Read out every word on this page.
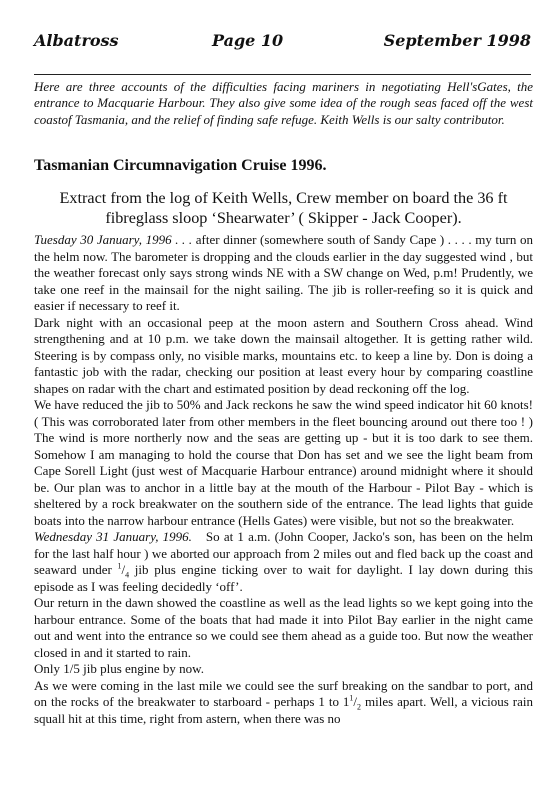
Albatross	Page 10	September 1998
Here are three accounts of the difficulties facing mariners in negotiating Hell'sGates, the entrance to Macquarie Harbour. They also give some idea of the rough seas faced off the west coastof Tasmania, and the relief of finding safe refuge. Keith Wells is our salty contributor.
Tasmanian Circumnavigation Cruise 1996.
Extract from the log of Keith Wells, Crew member on board the 36 ft
fibreglass sloop ‘Shearwater’ ( Skipper - Jack Cooper).

Tuesday 30 January, 1996 . . . after dinner (somewhere south of Sandy Cape ) . . . . my turn on the helm now. The barometer is dropping and the clouds earlier in the day suggested wind , but the weather forecast only says strong winds NE with a SW change on Wed, p.m! Prudently, we take one reef in the mainsail for the night sailing. The jib is roller-reefing so it is quick and easier if necessary to reef it.

Dark night with an occasional peep at the moon astern and Southern Cross ahead. Wind strengthening and at 10 p.m. we take down the mainsail altogether. It is getting rather wild. Steering is by compass only, no visible marks, mountains etc. to keep a line by. Don is doing a fantastic job with the radar, checking our position at least every hour by comparing coastline shapes on radar with the chart and estimated position by dead reckoning off the log.

We have reduced the jib to 50% and Jack reckons he saw the wind speed indicator hit 60 knots! ( This was corroborated later from other members in the fleet bouncing around out there too ! ) The wind is more northerly now and the seas are getting up - but it is too dark to see them. Somehow I am managing to hold the course that Don has set and we see the light beam from Cape Sorell Light (just west of Macquarie Harbour entrance) around midnight where it should be. Our plan was to anchor in a little bay at the mouth of the Harbour - Pilot Bay - which is sheltered by a rock breakwater on the southern side of the entrance. The lead lights that guide boats into the narrow harbour entrance (Hells Gates) were visible, but not so the breakwater.

Wednesday 31 January, 1996. So at 1 a.m. (John Cooper, Jacko's son, has been on the helm for the last half hour ) we aborted our approach from 2 miles out and fled back up the coast and seaward under $^1/_4$ jib plus engine ticking over to wait for daylight. I lay down during this episode as I was feeling decidedly ‘off’.

Our return in the dawn showed the coastline as well as the lead lights so we kept going into the harbour entrance. Some of the boats that had made it into Pilot Bay earlier in the night came out and went into the entrance so we could see them ahead as a guide too. But now the weather closed in and it started to rain.

Only 1/5 jib plus engine by now.

As we were coming in the last mile we could see the surf breaking on the sandbar to port, and on the rocks of the breakwater to starboard - perhaps 1 to $1^1/_2$ miles apart. Well, a vicious rain squall hit at this time, right from astern, when there was no
